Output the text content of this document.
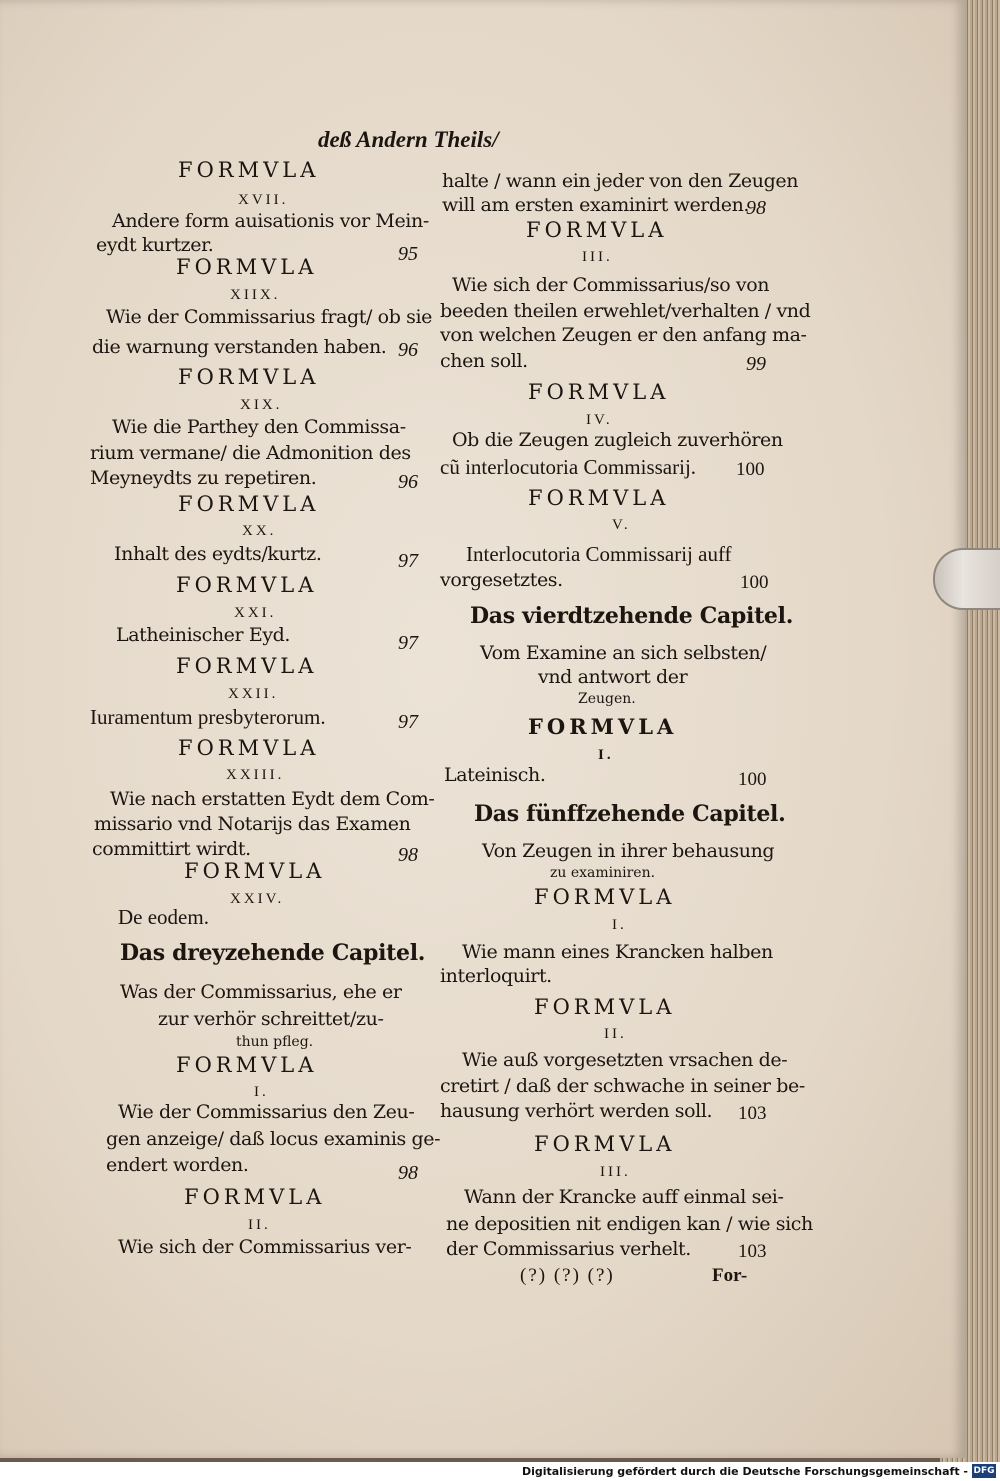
deß Andern Theils/
FORMVLA
XVII.
Andere form auisationis vor Mein-
eydt kurtzer.	95
FORMVLA
XIIX.
Wie der Commissarius fragt/ ob sie
die warnung verstanden haben. 96
FORMVLA
XIX.
Wie die Parthey den Commissa-
rium vermane/ die Admonition des
Meyneydts zu repetiren.	96
FORMVLA
XX.
Inhalt des eydts/kurtz.	97
FORMVLA
XXI.
Latheinischer Eyd.	97
FORMVLA
XXII.
Iuramentum presbyterorum.	97
FORMVLA
XXIII.
Wie nach erstatten Eydt dem Com-
missario vnd Notarijs das Examen
committirt wirdt.	98
FORMVLA
XXIV.
De eodem.
Das dreyzehende Capitel.
Was der Commissarius, ehe er
zur verhör schreittet/zu-
thun pfleg.
FORMVLA
I.
Wie der Commissarius den Zeu-
gen anzeige/ daß locus examinis ge-
endert worden.	98
FORMVLA
II.
Wie sich der Commissarius ver-
halte / wann ein jeder von den Zeugen
will am ersten examinirt werden.
98
FORMVLA
III.
Wie sich der Commissarius/so von
beeden theilen erwehlet/verhalten / vnd
von welchen Zeugen er den anfang ma-
chen soll.	99
FORMVLA
IV.
Ob die Zeugen zugleich zuverhören
cũ interlocutoria Commissarij. 100
FORMVLA
V.
Interlocutoria Commissarij auff
vorgesetztes.	100
Das vierdtzehende Capitel.
Vom Examine an sich selbsten/
vnd antwort der
Zeugen.
FORMVLA
I.
Lateinisch.	100
Das fünffzehende Capitel.
Von Zeugen in ihrer behausung
zu examiniren.
FORMVLA
I.
Wie mann eines Krancken halben
interloquirt.
FORMVLA
II.
Wie auß vorgesetzten vrsachen de-
cretirt / daß der schwache in seiner be-
hausung verhört werden soll. 103
FORMVLA
III.
Wann der Krancke auff einmal sei-
ne depositien nit endigen kan / wie sich
der Commissarius verhelt. 103
(?) (?) (?)	For-
Digitalisierung gefördert durch die Deutsche Forschungsgemeinschaft - DFG
